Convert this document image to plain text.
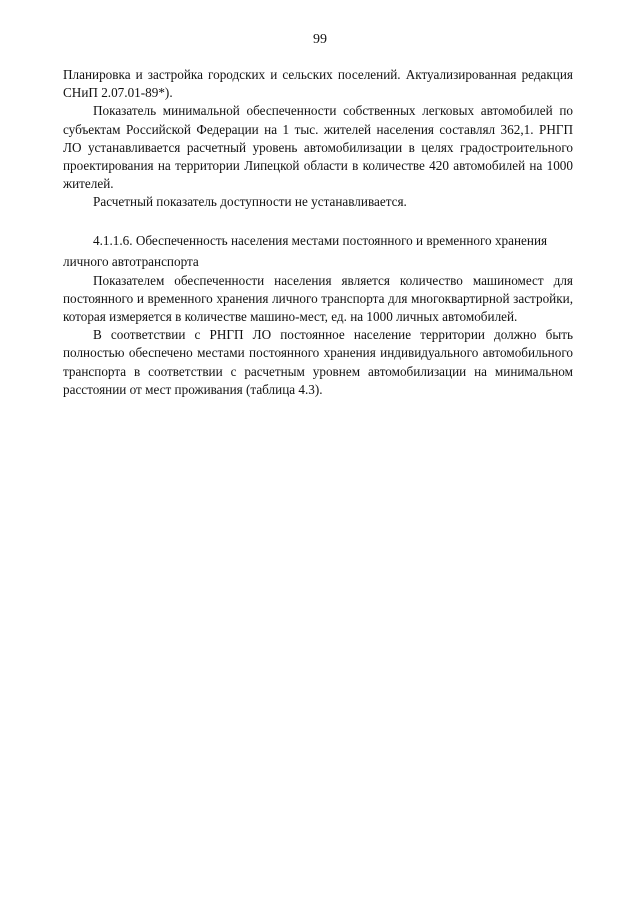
99

Планировка и застройка городских и сельских поселений. Актуализированная редакция СНиП 2.07.01-89*).

Показатель минимальной обеспеченности собственных легковых автомобилей по субъектам Российской Федерации на 1 тыс. жителей населения составлял 362,1. РНГП ЛО устанавливается расчетный уровень автомобилизации в целях градостроительного проектирования на территории Липецкой области в количестве 420 автомобилей на 1000 жителей.

Расчетный показатель доступности не устанавливается.

4.1.1.6. Обеспеченность населения местами постоянного и временного хранения личного автотранспорта

Показателем обеспеченности населения является количество машиномест для постоянного и временного хранения личного транспорта для многоквартирной застройки, которая измеряется в количестве машино-мест, ед. на 1000 личных автомобилей.

В соответствии с РНГП ЛО постоянное население территории должно быть полностью обеспечено местами постоянного хранения индивидуального автомобильного транспорта в соответствии с расчетным уровнем автомобилизации на минимальном расстоянии от мест проживания (таблица 4.3).
